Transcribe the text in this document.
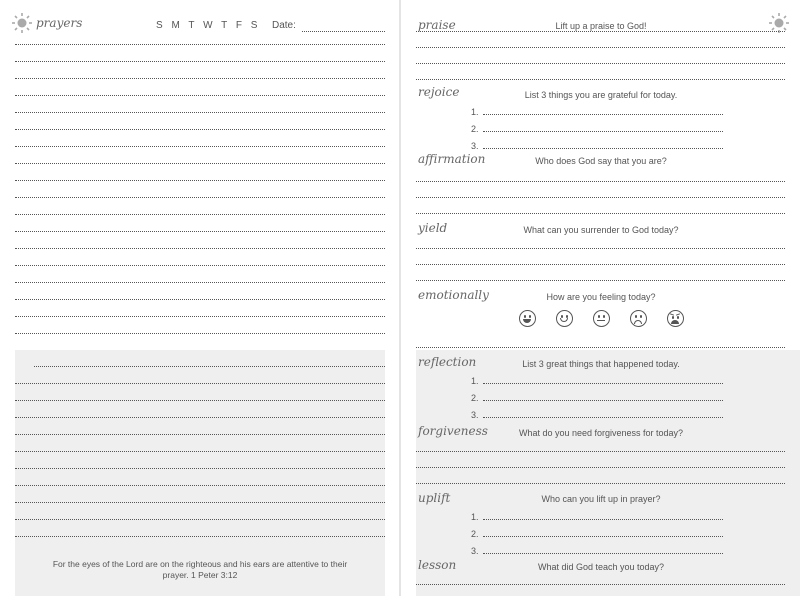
prayers	S M T W T F S Date:
For the eyes of the Lord are on the righteous and his ears are attentive to their prayer. 1 Peter 3:12
praise	Lift up a praise to God!
rejoice	List 3 things you are grateful for today.
1.
2.
3.
affirmation	Who does God say that you are?
yield	What can you surrender to God today?
emotionally	How are you feeling today?
reflection	List 3 great things that happened today.
1.
2.
3.
forgiveness	What do you need forgiveness for today?
uplift	Who can you lift up in prayer?
1.
2.
3.
lesson	What did God teach you today?
